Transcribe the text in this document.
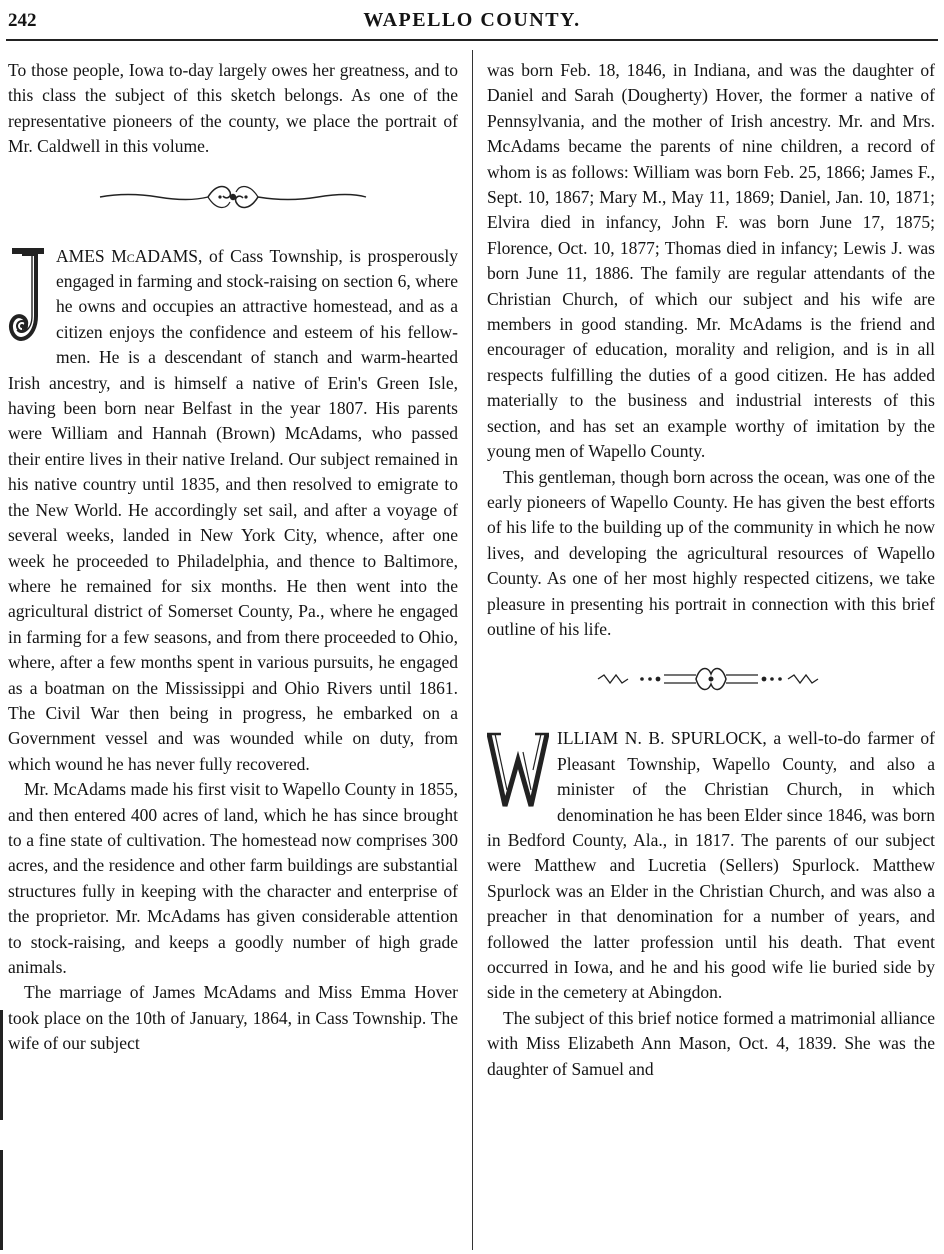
242	WAPELLO COUNTY.

To those people, Iowa to-day largely owes her greatness, and to this class the subject of this sketch belongs. As one of the representative pioneers of the county, we place the portrait of Mr. Caldwell in this volume.

AMES McADAMS, of Cass Township, is prosperously engaged in farming and stock-raising on section 6, where he owns and occupies an attractive homestead, and as a citizen enjoys the confidence and esteem of his fellow-men. He is a descendant of stanch and warm-hearted Irish ancestry, and is himself a native of Erin's Green Isle, having been born near Belfast in the year 1807. His parents were William and Hannah (Brown) McAdams, who passed their entire lives in their native Ireland. Our subject remained in his native country until 1835, and then resolved to emigrate to the New World. He accordingly set sail, and after a voyage of several weeks, landed in New York City, whence, after one week he proceeded to Philadelphia, and thence to Baltimore, where he remained for six months. He then went into the agricultural district of Somerset County, Pa., where he engaged in farming for a few seasons, and from there proceeded to Ohio, where, after a few months spent in various pursuits, he engaged as a boatman on the Mississippi and Ohio Rivers until 1861. The Civil War then being in progress, he embarked on a Government vessel and was wounded while on duty, from which wound he has never fully recovered.

Mr. McAdams made his first visit to Wapello County in 1855, and then entered 400 acres of land, which he has since brought to a fine state of cultivation. The homestead now comprises 300 acres, and the residence and other farm buildings are substantial structures fully in keeping with the character and enterprise of the proprietor. Mr. McAdams has given considerable attention to stock-raising, and keeps a goodly number of high grade animals.

The marriage of James McAdams and Miss Emma Hover took place on the 10th of January, 1864, in Cass Township. The wife of our subject

was born Feb. 18, 1846, in Indiana, and was the daughter of Daniel and Sarah (Dougherty) Hover, the former a native of Pennsylvania, and the mother of Irish ancestry. Mr. and Mrs. McAdams became the parents of nine children, a record of whom is as follows: William was born Feb. 25, 1866; James F., Sept. 10, 1867; Mary M., May 11, 1869; Daniel, Jan. 10, 1871; Elvira died in infancy, John F. was born June 17, 1875; Florence, Oct. 10, 1877; Thomas died in infancy; Lewis J. was born June 11, 1886. The family are regular attendants of the Christian Church, of which our subject and his wife are members in good standing. Mr. McAdams is the friend and encourager of education, morality and religion, and is in all respects fulfilling the duties of a good citizen. He has added materially to the business and industrial interests of this section, and has set an example worthy of imitation by the young men of Wapello County.

This gentleman, though born across the ocean, was one of the early pioneers of Wapello County. He has given the best efforts of his life to the building up of the community in which he now lives, and developing the agricultural resources of Wapello County. As one of her most highly respected citizens, we take pleasure in presenting his portrait in connection with this brief outline of his life.

ILLIAM N. B. SPURLOCK, a well-to-do farmer of Pleasant Township, Wapello County, and also a minister of the Christian Church, in which denomination he has been Elder since 1846, was born in Bedford County, Ala., in 1817. The parents of our subject were Matthew and Lucretia (Sellers) Spurlock. Matthew Spurlock was an Elder in the Christian Church, and was also a preacher in that denomination for a number of years, and followed the latter profession until his death. That event occurred in Iowa, and he and his good wife lie buried side by side in the cemetery at Abingdon.

The subject of this brief notice formed a matrimonial alliance with Miss Elizabeth Ann Mason, Oct. 4, 1839. She was the daughter of Samuel and
